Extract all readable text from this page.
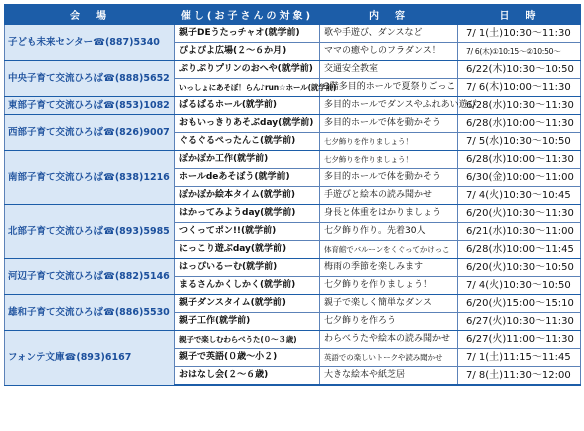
会　場	催し(お子さんの対象)	内　容	日　時
子ども未来センター☎(887)5340	親子DEうたっチャオ(就学前)	歌や手遊び、ダンスなど	7/ 1(土)10:30～11:30
	ぴよぴよ広場(２～６か月)	ママの癒やしのフラダンス！	7/ 6(木)①10:15～②10:50～
中央子育て交流ひろば☎(888)5652	ぷりぷりプリンのおへや(就学前)	交通安全教室	6/22(木)10:30～10:50
	いっしょにあそぼ！らん♪run☆ホール(就学前)	3階多目的ホールで夏祭りごっこ	7/ 6(木)10:00～11:30
東部子育て交流ひろば☎(853)1082	ぱるぱるホール(就学前)	多目的ホールでダンスやふれあい遊び	6/28(水)10:30～11:30
西部子育て交流ひろば☎(826)9007	おもいっきりあそぶday(就学前)	多目的ホールで体を動かそう	6/28(水)10:00～11:30
	ぐるぐるぺったんこ(就学前)	七夕飾りを作りましょう！	7/ 5(水)10:30～10:50
南部子育て交流ひろば☎(838)1216	ぽかぽか工作(就学前)	七夕飾りを作りましょう！	6/28(水)10:00～11:30
	ホールdeあそぼう(就学前)	多目的ホールで体を動かそう	6/30(金)10:00～11:00
	ぽかぽか絵本タイム(就学前)	手遊びと絵本の読み聞かせ	7/ 4(火)10:30～10:45
北部子育て交流ひろば☎(893)5985	はかってみようday(就学前)	身長と体重をはかりましょう	6/20(火)10:30～11:30
	つくってポン!!(就学前)	七夕飾り作り。先着30人	6/21(水)10:30～11:00
	にっこり遊ぶday(就学前)	体育館でバルーンをくぐってかけっこ	6/28(水)10:00～11:45
河辺子育て交流ひろば☎(882)5146	はっぴいるーむ(就学前)	梅雨の季節を楽しみます	6/20(火)10:30～10:50
	まるさんかくしかく(就学前)	七夕飾りを作りましょう！	7/ 4(火)10:30～10:50
雄和子育て交流ひろば☎(886)5530	親子ダンスタイム(就学前)	親子で楽しく簡単なダンス	6/20(火)15:00～15:10
	親子工作(就学前)	七夕飾りを作ろう	6/27(火)10:30～11:30
フォンテ文庫☎(893)6167	親子で楽しむわらべうた(０～３歳)	わらべうたや絵本の読み聞かせ	6/27(火)11:00～11:30
	親子で英語(０歳～小２)	英語での楽しいトークや読み聞かせ	7/ 1(土)11:15～11:45
	おはなし会(２～６歳)	大きな絵本や紙芝居	7/ 8(土)11:30～12:00
